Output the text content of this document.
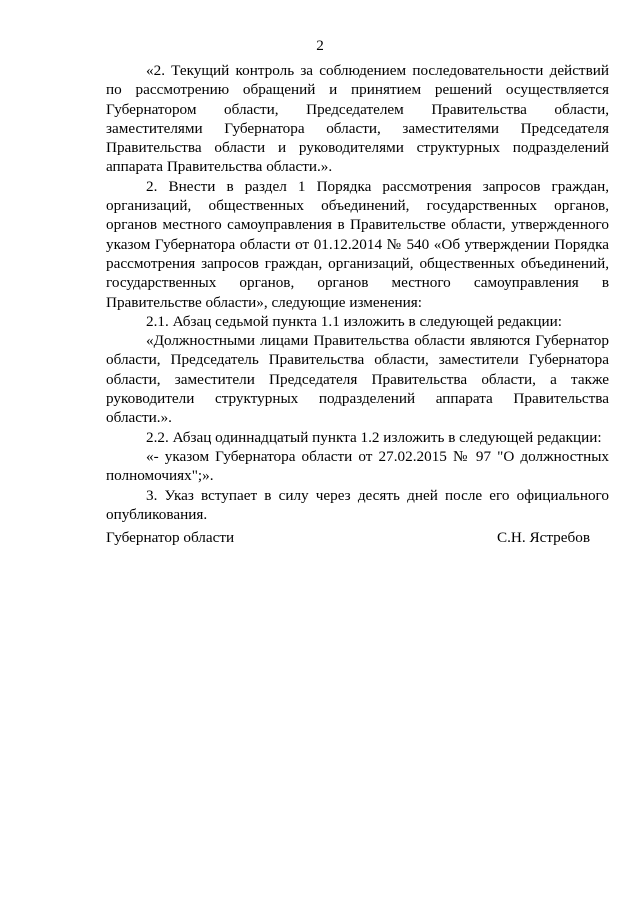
2

«2. Текущий контроль за соблюдением последовательности действий по рассмотрению обращений и принятием решений осуществляется Губернатором области, Председателем Правительства области, заместителями Губернатора области, заместителями Председателя Правительства области и руководителями структурных подразделений аппарата Правительства области.».

2. Внести в раздел 1 Порядка рассмотрения запросов граждан, организаций, общественных объединений, государственных органов, органов местного самоуправления в Правительстве области, утвержденного указом Губернатора области от 01.12.2014 № 540 «Об утверждении Порядка рассмотрения запросов граждан, организаций, общественных объединений, государственных органов, органов местного самоуправления в Правительстве области», следующие изменения:

2.1. Абзац седьмой пункта 1.1 изложить в следующей редакции:

«Должностными лицами Правительства области являются Губернатор области, Председатель Правительства области, заместители Губернатора области, заместители Председателя Правительства области, а также руководители структурных подразделений аппарата Правительства области.».

2.2. Абзац одиннадцатый пункта 1.2 изложить в следующей редакции:

«- указом Губернатора области от 27.02.2015 № 97 "О должностных полномочиях";».

3. Указ вступает в силу через десять дней после его официального опубликования.

Губернатор области	С.Н. Ястребов
